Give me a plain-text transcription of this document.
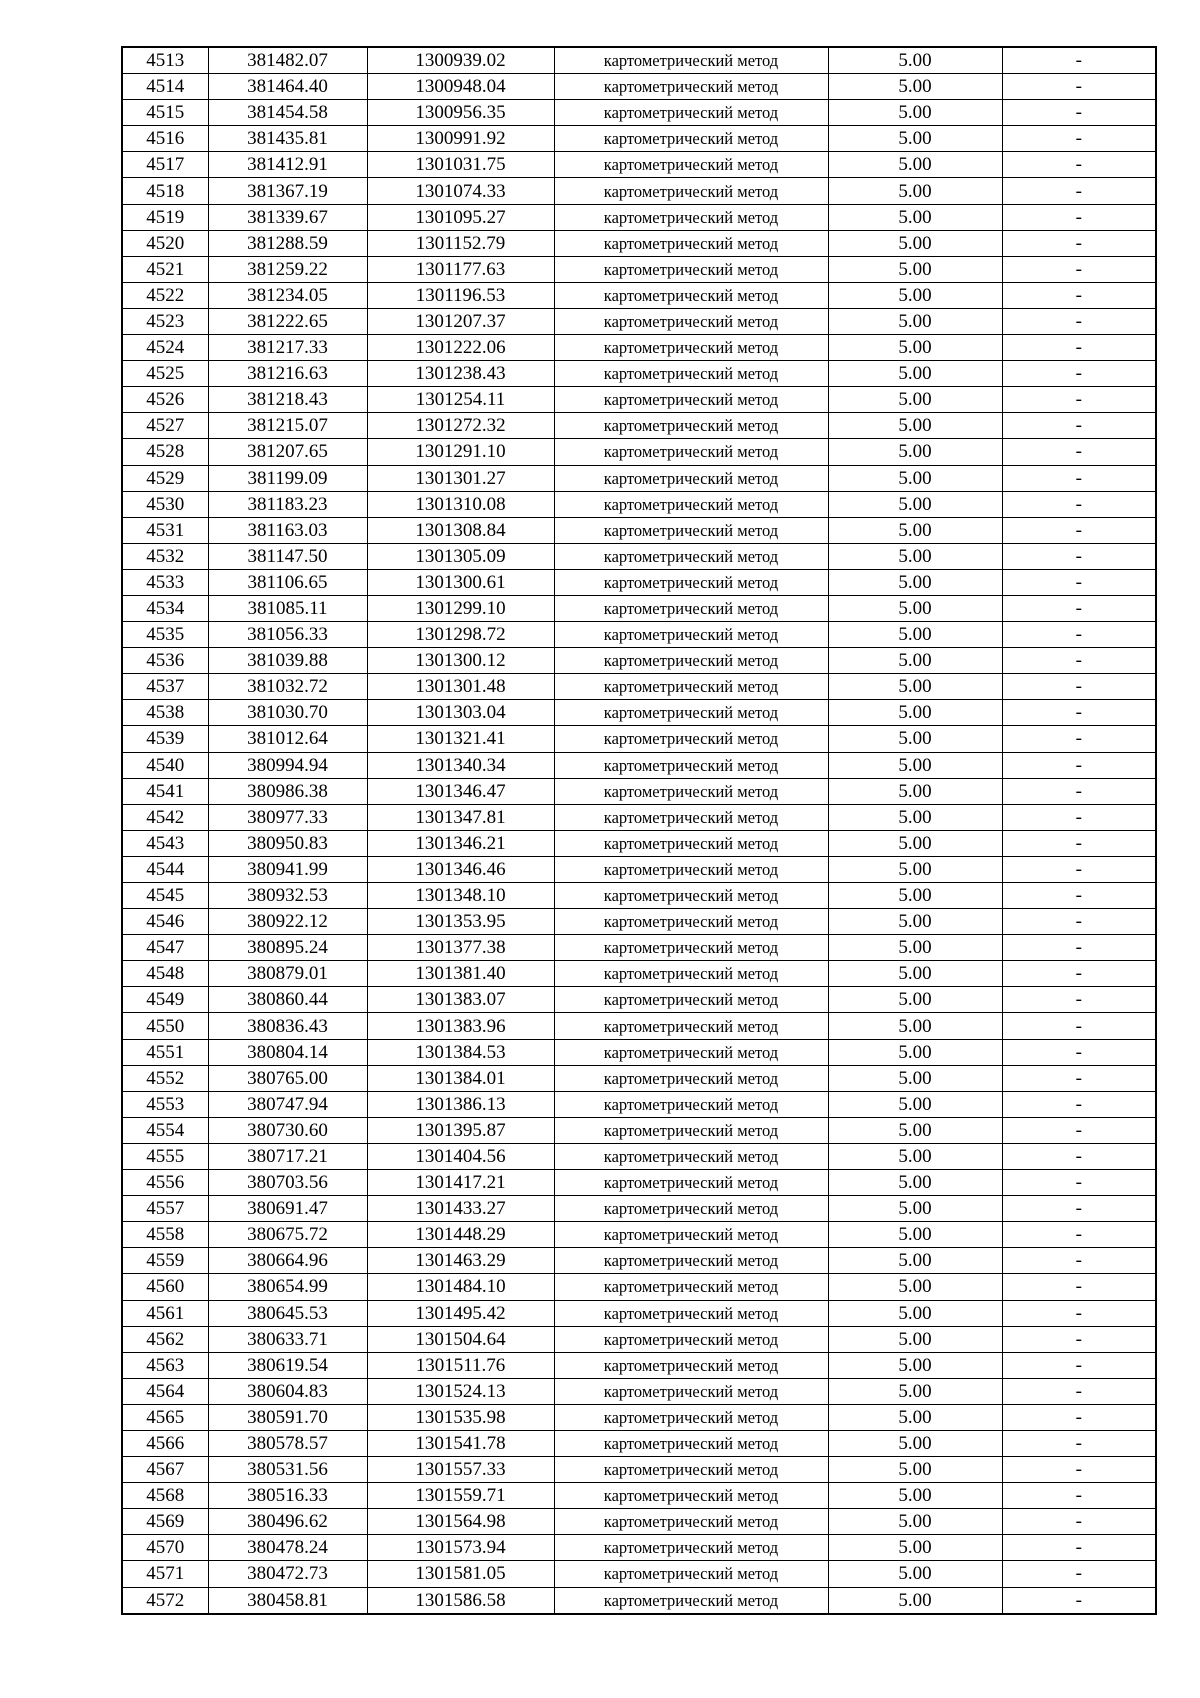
4513	381482.07	1300939.02	картометрический метод	5.00	-
4514	381464.40	1300948.04	картометрический метод	5.00	-
4515	381454.58	1300956.35	картометрический метод	5.00	-
4516	381435.81	1300991.92	картометрический метод	5.00	-
4517	381412.91	1301031.75	картометрический метод	5.00	-
4518	381367.19	1301074.33	картометрический метод	5.00	-
4519	381339.67	1301095.27	картометрический метод	5.00	-
4520	381288.59	1301152.79	картометрический метод	5.00	-
4521	381259.22	1301177.63	картометрический метод	5.00	-
4522	381234.05	1301196.53	картометрический метод	5.00	-
4523	381222.65	1301207.37	картометрический метод	5.00	-
4524	381217.33	1301222.06	картометрический метод	5.00	-
4525	381216.63	1301238.43	картометрический метод	5.00	-
4526	381218.43	1301254.11	картометрический метод	5.00	-
4527	381215.07	1301272.32	картометрический метод	5.00	-
4528	381207.65	1301291.10	картометрический метод	5.00	-
4529	381199.09	1301301.27	картометрический метод	5.00	-
4530	381183.23	1301310.08	картометрический метод	5.00	-
4531	381163.03	1301308.84	картометрический метод	5.00	-
4532	381147.50	1301305.09	картометрический метод	5.00	-
4533	381106.65	1301300.61	картометрический метод	5.00	-
4534	381085.11	1301299.10	картометрический метод	5.00	-
4535	381056.33	1301298.72	картометрический метод	5.00	-
4536	381039.88	1301300.12	картометрический метод	5.00	-
4537	381032.72	1301301.48	картометрический метод	5.00	-
4538	381030.70	1301303.04	картометрический метод	5.00	-
4539	381012.64	1301321.41	картометрический метод	5.00	-
4540	380994.94	1301340.34	картометрический метод	5.00	-
4541	380986.38	1301346.47	картометрический метод	5.00	-
4542	380977.33	1301347.81	картометрический метод	5.00	-
4543	380950.83	1301346.21	картометрический метод	5.00	-
4544	380941.99	1301346.46	картометрический метод	5.00	-
4545	380932.53	1301348.10	картометрический метод	5.00	-
4546	380922.12	1301353.95	картометрический метод	5.00	-
4547	380895.24	1301377.38	картометрический метод	5.00	-
4548	380879.01	1301381.40	картометрический метод	5.00	-
4549	380860.44	1301383.07	картометрический метод	5.00	-
4550	380836.43	1301383.96	картометрический метод	5.00	-
4551	380804.14	1301384.53	картометрический метод	5.00	-
4552	380765.00	1301384.01	картометрический метод	5.00	-
4553	380747.94	1301386.13	картометрический метод	5.00	-
4554	380730.60	1301395.87	картометрический метод	5.00	-
4555	380717.21	1301404.56	картометрический метод	5.00	-
4556	380703.56	1301417.21	картометрический метод	5.00	-
4557	380691.47	1301433.27	картометрический метод	5.00	-
4558	380675.72	1301448.29	картометрический метод	5.00	-
4559	380664.96	1301463.29	картометрический метод	5.00	-
4560	380654.99	1301484.10	картометрический метод	5.00	-
4561	380645.53	1301495.42	картометрический метод	5.00	-
4562	380633.71	1301504.64	картометрический метод	5.00	-
4563	380619.54	1301511.76	картометрический метод	5.00	-
4564	380604.83	1301524.13	картометрический метод	5.00	-
4565	380591.70	1301535.98	картометрический метод	5.00	-
4566	380578.57	1301541.78	картометрический метод	5.00	-
4567	380531.56	1301557.33	картометрический метод	5.00	-
4568	380516.33	1301559.71	картометрический метод	5.00	-
4569	380496.62	1301564.98	картометрический метод	5.00	-
4570	380478.24	1301573.94	картометрический метод	5.00	-
4571	380472.73	1301581.05	картометрический метод	5.00	-
4572	380458.81	1301586.58	картометрический метод	5.00	-
